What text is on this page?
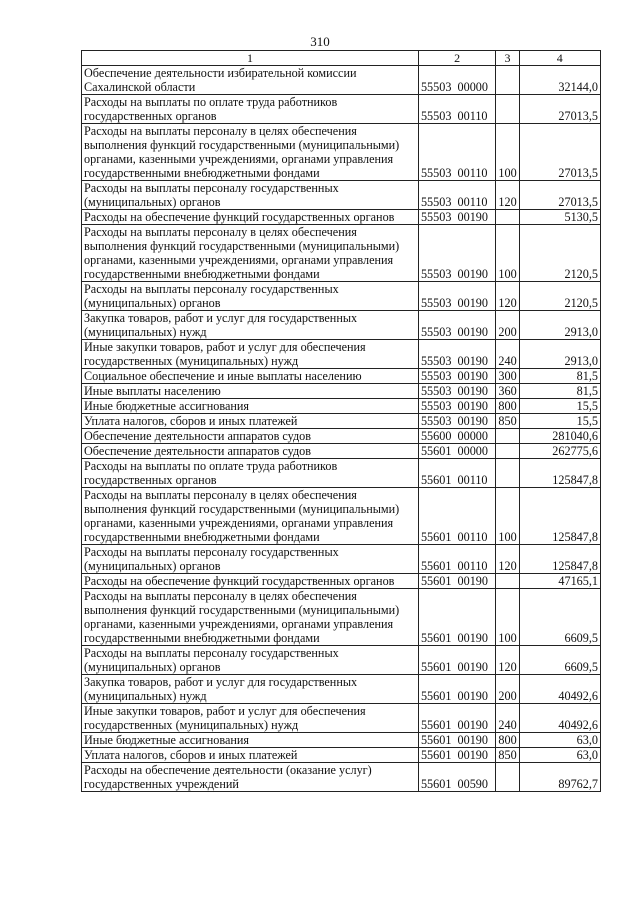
310
1	2	3	4
Обеспечение деятельности избирательной комиссии Сахалинской области	55503  00000		32144,0
Расходы на выплаты по оплате труда работников государственных органов	55503  00110		27013,5
Расходы на выплаты персоналу в целях обеспечения выполнения функций государственными (муниципальными) органами, казенными учреждениями, органами управления государственными внебюджетными фондами	55503  00110	100	27013,5
Расходы на выплаты персоналу государственных (муниципальных) органов	55503  00110	120	27013,5
Расходы на обеспечение функций государственных органов	55503  00190		5130,5
Расходы на выплаты персоналу в целях обеспечения выполнения функций государственными (муниципальными) органами, казенными учреждениями, органами управления государственными внебюджетными фондами	55503  00190	100	2120,5
Расходы на выплаты персоналу государственных (муниципальных) органов	55503  00190	120	2120,5
Закупка товаров, работ и услуг для государственных (муниципальных) нужд	55503  00190	200	2913,0
Иные закупки товаров, работ и услуг для обеспечения государственных (муниципальных) нужд	55503  00190	240	2913,0
Социальное обеспечение и иные выплаты населению	55503  00190	300	81,5
Иные выплаты населению	55503  00190	360	81,5
Иные бюджетные ассигнования	55503  00190	800	15,5
Уплата налогов, сборов и иных платежей	55503  00190	850	15,5
Обеспечение деятельности аппаратов судов	55600  00000		281040,6
Обеспечение деятельности аппаратов судов	55601  00000		262775,6
Расходы на выплаты по оплате труда работников государственных органов	55601  00110		125847,8
Расходы на выплаты персоналу в целях обеспечения выполнения функций государственными (муниципальными) органами, казенными учреждениями, органами управления государственными внебюджетными фондами	55601  00110	100	125847,8
Расходы на выплаты персоналу государственных (муниципальных) органов	55601  00110	120	125847,8
Расходы на обеспечение функций государственных органов	55601  00190		47165,1
Расходы на выплаты персоналу в целях обеспечения выполнения функций государственными (муниципальными) органами, казенными учреждениями, органами управления государственными внебюджетными фондами	55601  00190	100	6609,5
Расходы на выплаты персоналу государственных (муниципальных) органов	55601  00190	120	6609,5
Закупка товаров, работ и услуг для государственных (муниципальных) нужд	55601  00190	200	40492,6
Иные закупки товаров, работ и услуг для обеспечения государственных (муниципальных) нужд	55601  00190	240	40492,6
Иные бюджетные ассигнования	55601  00190	800	63,0
Уплата налогов, сборов и иных платежей	55601  00190	850	63,0
Расходы на обеспечение деятельности (оказание услуг) государственных учреждений	55601  00590		89762,7
